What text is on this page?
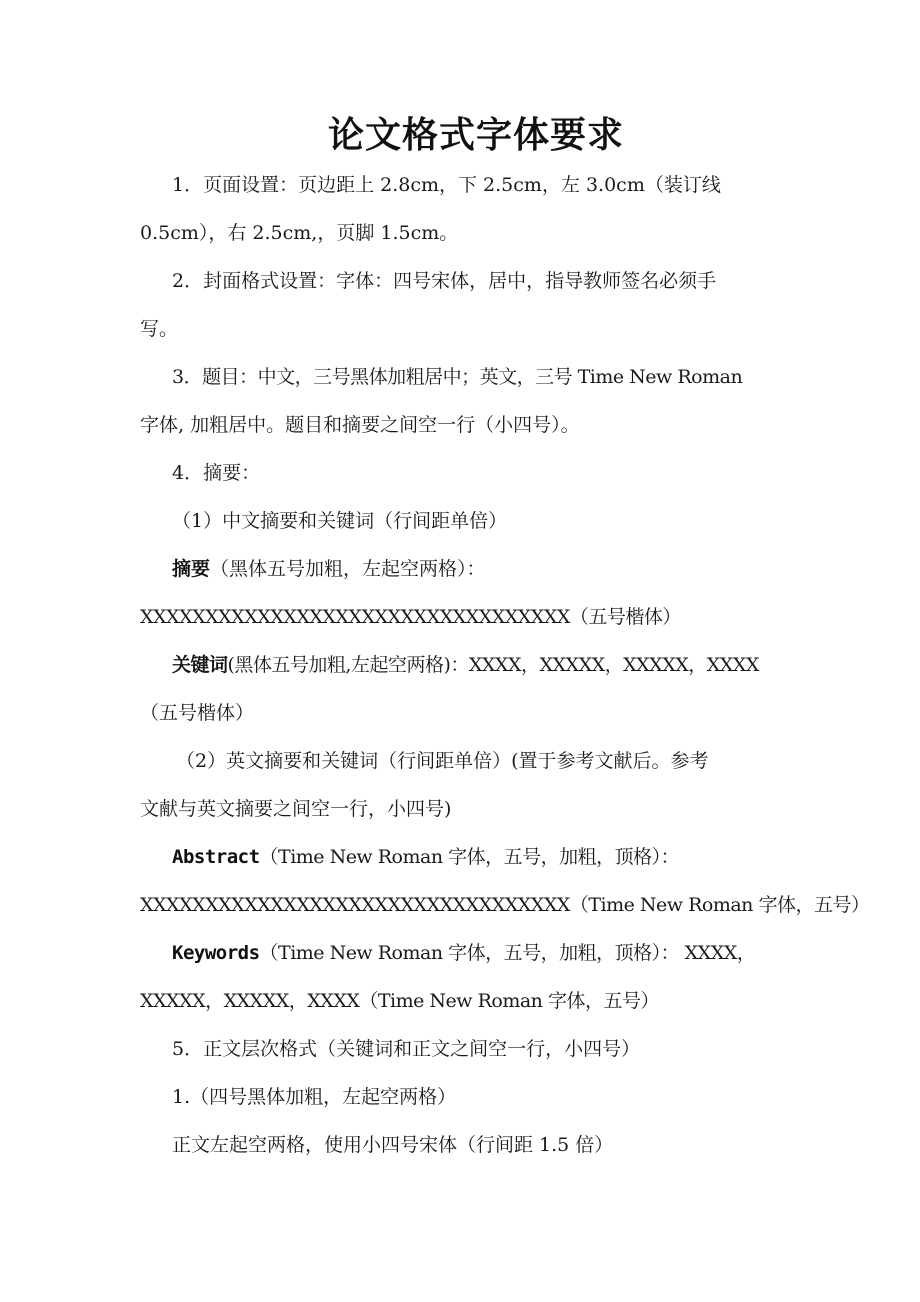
论文格式字体要求
1．页面设置：页边距上 2.8cm，下 2.5cm，左 3.0cm（装订线
0.5cm），右 2.5cm,，页脚 1.5cm。
2．封面格式设置：字体：四号宋体，居中，指导教师签名必须手
写。
3．题目：中文，三号黑体加粗居中；英文，三号 Time New Roman
字体, 加粗居中。题目和摘要之间空一行（小四号）。
4．摘要：
（1）中文摘要和关键词（行间距单倍）
摘要（黑体五号加粗，左起空两格）：
XXXXXXXXXXXXXXXXXXXXXXXXXXXXXXXXX（五号楷体）
关键词(黑体五号加粗,左起空两格)：XXXX，XXXXX，XXXXX，XXXX
（五号楷体）
（2）英文摘要和关键词（行间距单倍）(置于参考文献后。参考
文献与英文摘要之间空一行，小四号)
Abstract（Time New Roman 字体，五号，加粗，顶格）：
XXXXXXXXXXXXXXXXXXXXXXXXXXXXXXXXX（Time New Roman 字体，五号）
Keywords（Time New Roman 字体，五号，加粗，顶格）： XXXX，
XXXXX，XXXXX，XXXX（Time New Roman 字体，五号）
5．正文层次格式（关键词和正文之间空一行，小四号）
1.（四号黑体加粗，左起空两格）
正文左起空两格，使用小四号宋体（行间距 1.5 倍）
